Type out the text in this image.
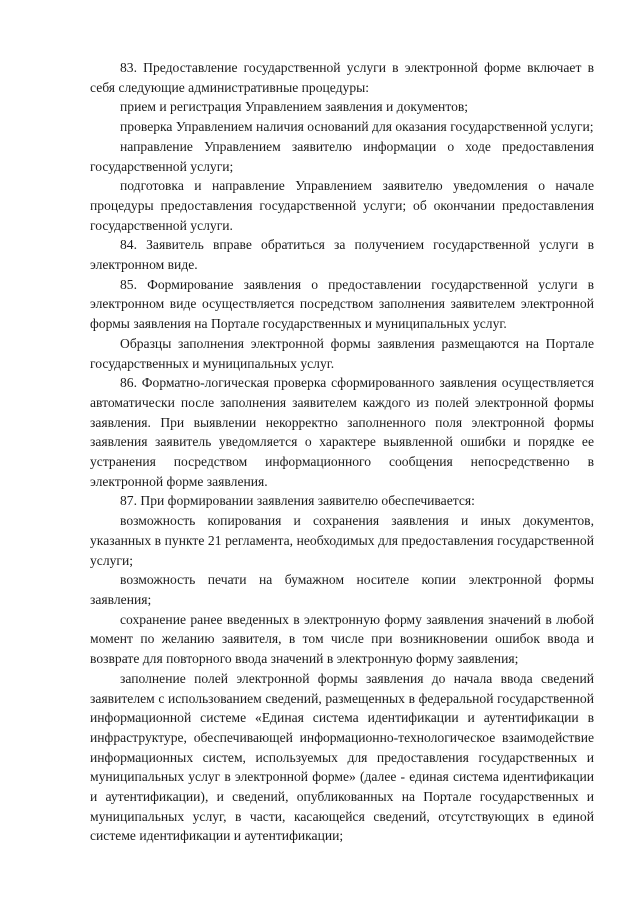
83. Предоставление государственной услуги в электронной форме включает в себя следующие административные процедуры:

прием и регистрация Управлением заявления и документов;

проверка Управлением наличия оснований для оказания государственной услуги;

направление Управлением заявителю информации о ходе предоставления государственной услуги;

подготовка и направление Управлением заявителю уведомления о начале процедуры предоставления государственной услуги; об окончании предоставления государственной услуги.

84. Заявитель вправе обратиться за получением государственной услуги в электронном виде.

85. Формирование заявления о предоставлении государственной услуги в электронном виде осуществляется посредством заполнения заявителем электронной формы заявления на Портале государственных и муниципальных услуг.

Образцы заполнения электронной формы заявления размещаются на Портале государственных и муниципальных услуг.

86. Форматно-логическая проверка сформированного заявления осуществляется автоматически после заполнения заявителем каждого из полей электронной формы заявления. При выявлении некорректно заполненного поля электронной формы заявления заявитель уведомляется о характере выявленной ошибки и порядке ее устранения посредством информационного сообщения непосредственно в электронной форме заявления.

87. При формировании заявления заявителю обеспечивается:

возможность копирования и сохранения заявления и иных документов, указанных в пункте 21 регламента, необходимых для предоставления государственной услуги;

возможность печати на бумажном носителе копии электронной формы заявления;

сохранение ранее введенных в электронную форму заявления значений в любой момент по желанию заявителя, в том числе при возникновении ошибок ввода и возврате для повторного ввода значений в электронную форму заявления;

заполнение полей электронной формы заявления до начала ввода сведений заявителем с использованием сведений, размещенных в федеральной государственной информационной системе «Единая система идентификации и аутентификации в инфраструктуре, обеспечивающей информационно-технологическое взаимодействие информационных систем, используемых для предоставления государственных и муниципальных услуг в электронной форме» (далее - единая система идентификации и аутентификации), и сведений, опубликованных на Портале государственных и муниципальных услуг, в части, касающейся сведений, отсутствующих в единой системе идентификации и аутентификации;
